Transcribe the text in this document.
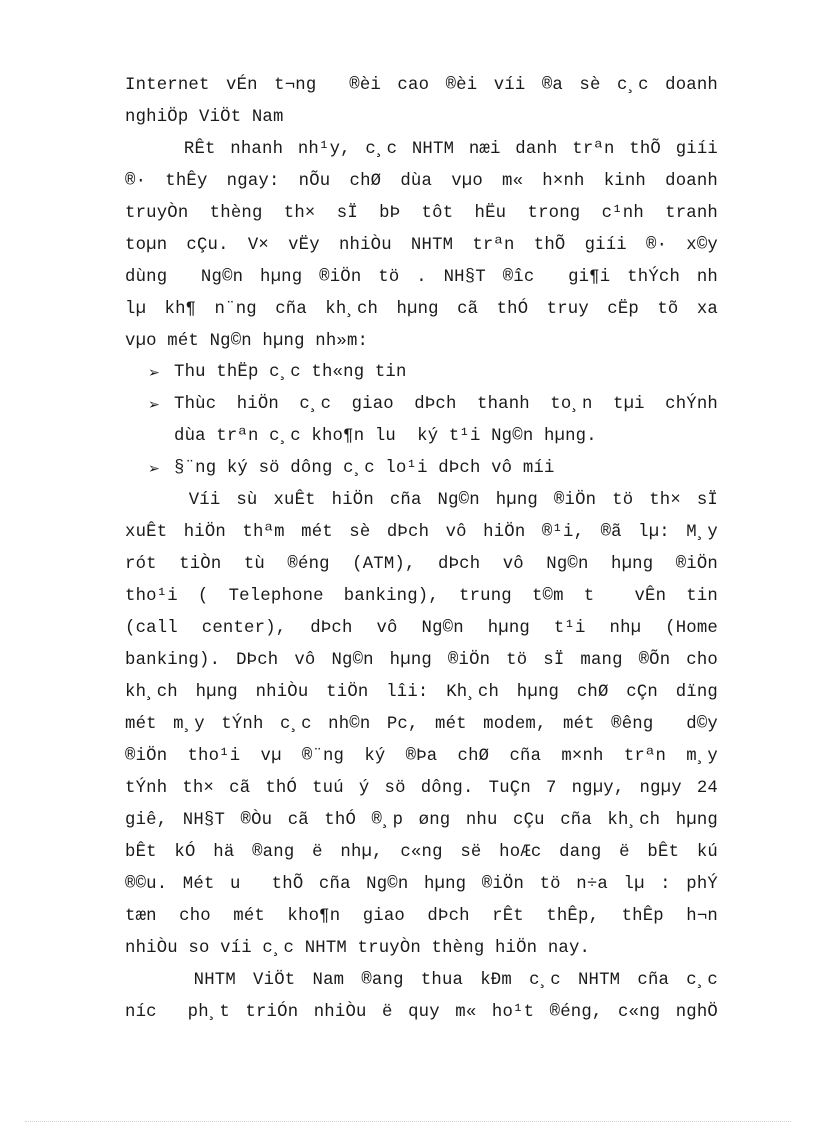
Internet vÉn t¬ng  ®èi cao ®èi víi ®a sè c¸c doanh
nghiÖp ViÖt Nam
RÊt nhanh nh¹y, c¸c NHTM næi danh trªn thÕ giíi
®· thÊy ngay: nÕu chØ dùa vµo m« h×nh kinh doanh
truyÒn thèng th× sÏ bÞ tôt hËu trong c¹nh tranh
toµn cÇu. V× vËy nhiÒu NHTM trªn thÕ giíi ®· x©y
dùng  Ng©n hµng ®iÖn tö . NH§T ®îc  gi¶i thÝch nh
lµ kh¶ n¨ng cña kh¸ch hµng cã thÓ truy cËp tõ xa
vµo mét Ng©n hµng nh»m:
➢ Thu thËp c¸c th«ng tin
➢ Thùc hiÖn c¸c giao dÞch thanh to¸n tµi chÝnh
dùa trªn c¸c kho¶n lu  ký t¹i Ng©n hµng.
➢ §¨ng ký sö dông c¸c lo¹i dÞch vô míi
Víi sù xuÊt hiÖn cña Ng©n hµng ®iÖn tö th× sÏ
xuÊt hiÖn thªm mét sè dÞch vô hiÖn ®¹i, ®ã lµ: M¸y
rót tiÒn tù ®éng (ATM), dÞch vô Ng©n hµng ®iÖn
tho¹i ( Telephone banking), trung t©m t  vÊn tin
(call center), dÞch vô Ng©n hµng t¹i nhµ (Home
banking). DÞch vô Ng©n hµng ®iÖn tö sÏ mang ®Õn cho
kh¸ch hµng nhiÒu tiÖn lîi: Kh¸ch hµng chØ cÇn dïng
mét m¸y tÝnh c¸c nh©n Pc, mét modem, mét ®êng  d©y
®iÖn tho¹i vµ ®¨ng ký ®Þa chØ cña m×nh trªn m¸y
tÝnh th× cã thÓ tuú ý sö dông. TuÇn 7 ngµy, ngµy 24
giê, NH§T ®Òu cã thÓ ®¸p øng nhu cÇu cña kh¸ch hµng
bÊt kÓ hä ®ang ë nhµ, c«ng së hoÆc dang ë bÊt kú
®©u. Mét u  thÕ cña Ng©n hµng ®iÖn tö n÷a lµ : phÝ
tæn cho mét kho¶n giao dÞch rÊt thÊp, thÊp h¬n
nhiÒu so víi c¸c NHTM truyÒn thèng hiÖn nay.
NHTM ViÖt Nam ®ang thua kÐm c¸c NHTM cña c¸c
níc  ph¸t triÓn nhiÒu ë quy m« ho¹t ®éng, c«ng nghÖ
